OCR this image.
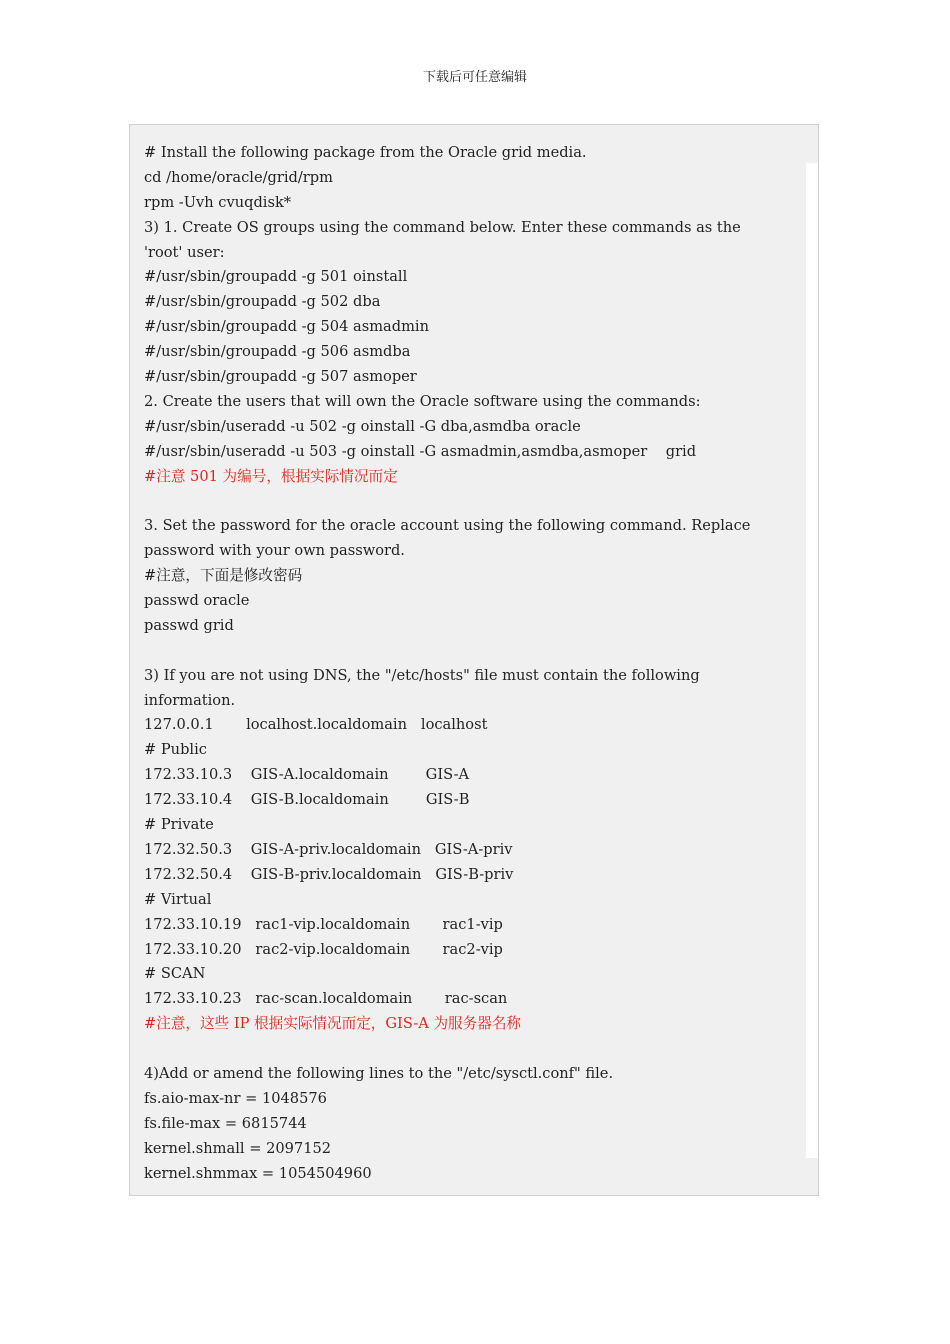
下载后可任意编辑
# Install the following package from the Oracle grid media.
cd /home/oracle/grid/rpm
rpm -Uvh cvuqdisk*
3) 1. Create OS groups using the command below. Enter these commands as the
'root' user:
#/usr/sbin/groupadd -g 501 oinstall
#/usr/sbin/groupadd -g 502 dba
#/usr/sbin/groupadd -g 504 asmadmin
#/usr/sbin/groupadd -g 506 asmdba
#/usr/sbin/groupadd -g 507 asmoper
2. Create the users that will own the Oracle software using the commands:
#/usr/sbin/useradd -u 502 -g oinstall -G dba,asmdba oracle
#/usr/sbin/useradd -u 503 -g oinstall -G asmadmin,asmdba,asmoper    grid
#注意 501 为编号，根据实际情况而定
3. Set the password for the oracle account using the following command. Replace
password with your own password.
#注意，下面是修改密码
passwd oracle
passwd grid
3) If you are not using DNS, the "/etc/hosts" file must contain the following
information.
127.0.0.1       localhost.localdomain   localhost
# Public
172.33.10.3    GIS-A.localdomain        GIS-A
172.33.10.4    GIS-B.localdomain        GIS-B
# Private
172.32.50.3    GIS-A-priv.localdomain   GIS-A-priv
172.32.50.4    GIS-B-priv.localdomain   GIS-B-priv
# Virtual
172.33.10.19   rac1-vip.localdomain       rac1-vip
172.33.10.20   rac2-vip.localdomain       rac2-vip
# SCAN
172.33.10.23   rac-scan.localdomain       rac-scan
#注意，这些 IP 根据实际情况而定，GIS-A 为服务器名称
4)Add or amend the following lines to the "/etc/sysctl.conf" file.
fs.aio-max-nr = 1048576
fs.file-max = 6815744
kernel.shmall = 2097152
kernel.shmmax = 1054504960
